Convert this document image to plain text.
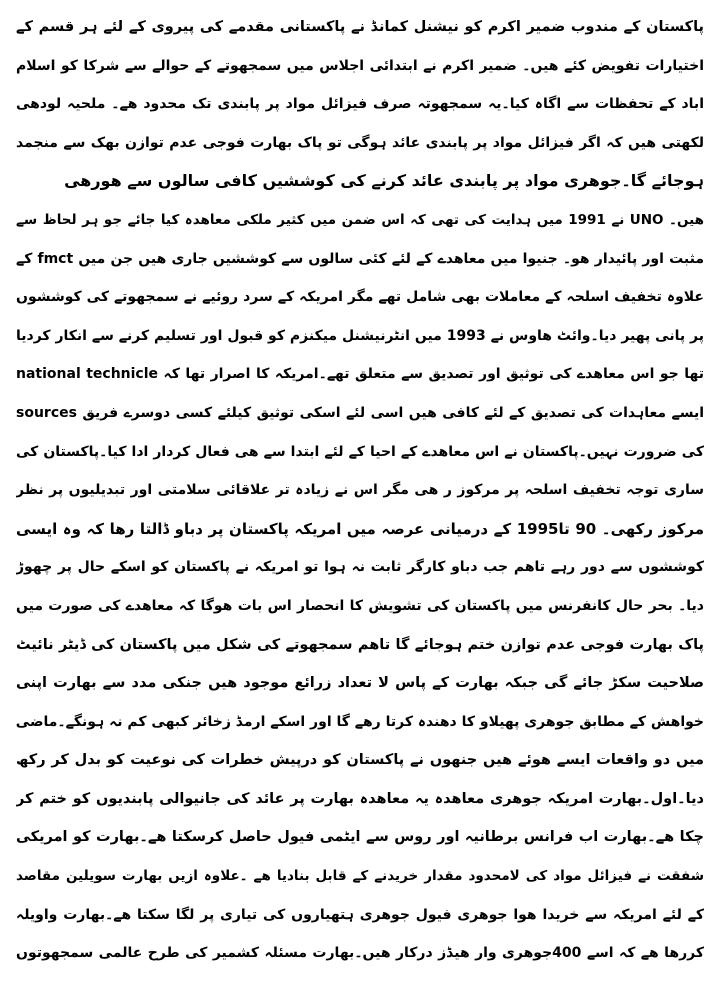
پاکستان کے مندوب ضمیر اکرم کو نیشنل کمانڈ نے پاکستانی مقدمے کی پیروی کے لئے ہر قسم کے
اختیارات تفویض کئے ھیں۔ ضمیر اکرم نے ابتدائی اجلاس میں سمجھوتے کے حوالے سے شرکا کو اسلام
اباد کے تحفظات سے اگاہ کیا۔یہ سمجھوتہ صرف فیزائل مواد پر پابندی تک محدود ھے۔ ملحیہ لودھی
لکھتی ھیں کہ اگر فیزائل مواد پر پابندی عائد ہوگی تو پاک بھارت فوجی عدم توازن بھک سے منجمد
ہوجائے گا۔جوھری مواد پر پابندی عائد کرنے کی کوششیں کافی سالوں سے ھورھی
ھیں۔ UNO نے 1991 میں ہدایت کی تھی کہ اس ضمن میں کثیر ملکی معاھدہ کیا جائے جو ہر لحاظ سے
مثبت اور پائیدار ھو۔ جنیوا میں معاھدے کے لئے کئی سالوں سے کوششیں جاری ھیں جن میں fmct کے
علاوہ تخفیف اسلحہ کے معاملات بھی شامل تھے مگر امریکہ کے سرد روئیے نے سمجھوتے کی کوششوں
پر پانی پھیر دیا۔وائٹ ھاوس نے 1993 میں انٹرنیشنل میکنزم کو قبول اور تسلیم کرنے سے انکار کردیا
تھا جو اس معاھدے کی توثیق اور تصدیق سے متعلق تھے۔امریکہ کا اصرار تھا کہ national technicle
sources ایسے معاہدات کی تصدیق کے لئے کافی ھیں اسی لئے اسکی توثیق کیلئے کسی دوسرے فریق
کی ضرورت نہیں۔پاکستان نے اس معاھدے کے احیا کے لئے ابتدا سے ھی فعال کردار ادا کیا۔پاکستان کی
ساری توجہ تخفیف اسلحہ پر مرکوز ر ھی مگر اس نے زیادہ تر علاقائی سلامتی اور تبدیلیوں پر نظر
مرکوز رکھی۔ 90 تا1995 کے درمیانی عرصہ میں امریکہ پاکستان پر دباو ڈالتا رھا کہ وہ ایسی
کوششوں سے دور رہے تاھم جب دباو کارگر ثابت نہ ہوا تو امریکہ نے پاکستان کو اسکے حال پر چھوڑ
دیا۔ بحر حال کانفرنس میں پاکستان کی تشویش کا انحصار اس بات ھوگا کہ معاھدے کی صورت میں
پاک بھارت فوجی عدم توازن ختم ہوجائے گا تاھم سمجھوتے کی شکل میں پاکستان کی ڈیٹر نائیٹ
صلاحیت سکڑ جائے گی جبکہ بھارت کے پاس لا تعداد زرائع موجود ھیں جنکی مدد سے بھارت اپنی
خواھش کے مطابق جوھری پھیلاو کا دھندہ کرتا رھے گا اور اسکے ارمڈ زخائر کبھی کم نہ ہونگے۔ماضی
میں دو واقعات ایسے ھوئے ھیں جنھوں نے پاکستان کو درپیش خطرات کی نوعیت کو بدل کر رکھ
دیا۔اول۔بھارت امریکہ جوھری معاھدہ یہ معاھدہ بھارت پر عائد کی جانیوالی پابندیوں کو ختم کر
چکا ھے۔بھارت اب فرانس برطانیہ اور روس سے ایٹمی فیول حاصل کرسکتا ھے۔بھارت کو امریکی
شفقت نے فیزائل مواد کی لامحدود مقدار خریدنے کے قابل بنادیا ھے ۔علاوہ ازیں بھارت سویلین مقاصد
کے لئے امریکہ سے خریدا ھوا جوھری فیول جوھری ہتھیاروں کی تیاری پر لگا سکتا ھے۔بھارت واویلہ
کررھا ھے کہ اسے 400جوھری وار ھیڈز درکار ھیں۔بھارت مسئلہ کشمیر کی طرح عالمی سمجھوتوں
